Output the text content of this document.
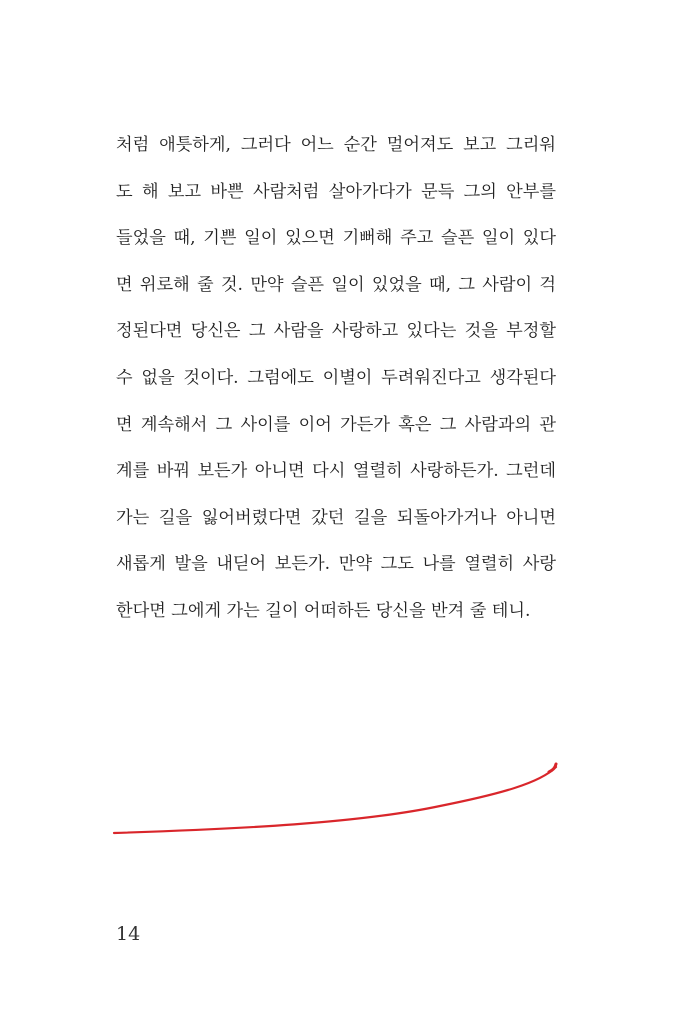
처럼 애틋하게, 그러다 어느 순간 멀어져도 보고 그리워
도 해 보고 바쁜 사람처럼 살아가다가 문득 그의 안부를
들었을 때, 기쁜 일이 있으면 기뻐해 주고 슬픈 일이 있다
면 위로해 줄 것. 만약 슬픈 일이 있었을 때, 그 사람이 걱
정된다면 당신은 그 사람을 사랑하고 있다는 것을 부정할
수 없을 것이다. 그럼에도 이별이 두려워진다고 생각된다
면 계속해서 그 사이를 이어 가든가 혹은 그 사람과의 관
계를 바꿔 보든가 아니면 다시 열렬히 사랑하든가. 그런데
가는 길을 잃어버렸다면 갔던 길을 되돌아가거나 아니면
새롭게 발을 내딛어 보든가. 만약 그도 나를 열렬히 사랑
한다면 그에게 가는 길이 어떠하든 당신을 반겨 줄 테니.
14
